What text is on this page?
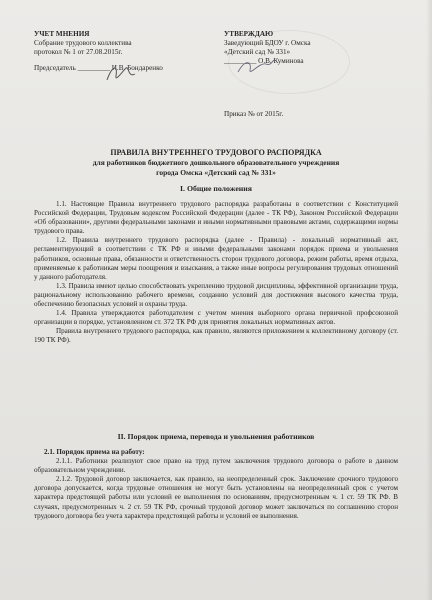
УЧЕТ МНЕНИЯ
Собрание трудового коллектива
протокол № 1 от 27.08.2015г.
Председатель _________ И.В. Бондаренко
УТВЕРЖДАЮ
Заведующий БДОУ г. Омска
«Детский сад № 331»
_________ О.В. Куминова
Приказ № от 2015г.
ПРАВИЛА ВНУТРЕННЕГО ТРУДОВОГО РАСПОРЯДКА
для работников бюджетного дошкольного образовательного учреждения
города Омска «Детский сад № 331»
I. Общие положения

1.1. Настоящие Правила внутреннего трудового распорядка разработаны в соответствии с Конституцией Российской Федерации, Трудовым кодексом Российской Федерации (далее - ТК РФ), Законом Российской Федерации «Об образовании», другими федеральными законами и иными нормативными правовыми актами, содержащими нормы трудового права.

1.2. Правила внутреннего трудового распорядка (далее - Правила) - локальный нормативный акт, регламентирующий в соответствии с ТК РФ и иными федеральными законами порядок приема и увольнения работников, основные права, обязанности и ответственность сторон трудового договора, режим работы, время отдыха, применяемые к работникам меры поощрения и взыскания, а также иные вопросы регулирования трудовых отношений у данного работодателя.

1.3. Правила имеют целью способствовать укреплению трудовой дисциплины, эффективной организации труда, рациональному использованию рабочего времени, созданию условий для достижения высокого качества труда, обеспечению безопасных условий и охраны труда.

1.4. Правила утверждаются работодателем с учетом мнения выборного органа первичной профсоюзной организации в порядке, установленном ст. 372 ТК РФ для принятия локальных нормативных актов.

Правила внутреннего трудового распорядка, как правило, являются приложением к коллективному договору (ст. 190 ТК РФ).

II. Порядок приема, перевода и увольнения работников

2.1. Порядок приема на работу:

2.1.1. Работники реализуют свое право на труд путем заключения трудового договора о работе в данном образовательном учреждении.

2.1.2. Трудовой договор заключается, как правило, на неопределенный срок. Заключение срочного трудового договора допускается, когда трудовые отношения не могут быть установлены на неопределенный срок с учетом характера предстоящей работы или условий ее выполнения по основаниям, предусмотренным ч. 1 ст. 59 ТК РФ. В случаях, предусмотренных ч. 2 ст. 59 ТК РФ, срочный трудовой договор может заключаться по соглашению сторон трудового договора без учета характера предстоящей работы и условий ее выполнения.
